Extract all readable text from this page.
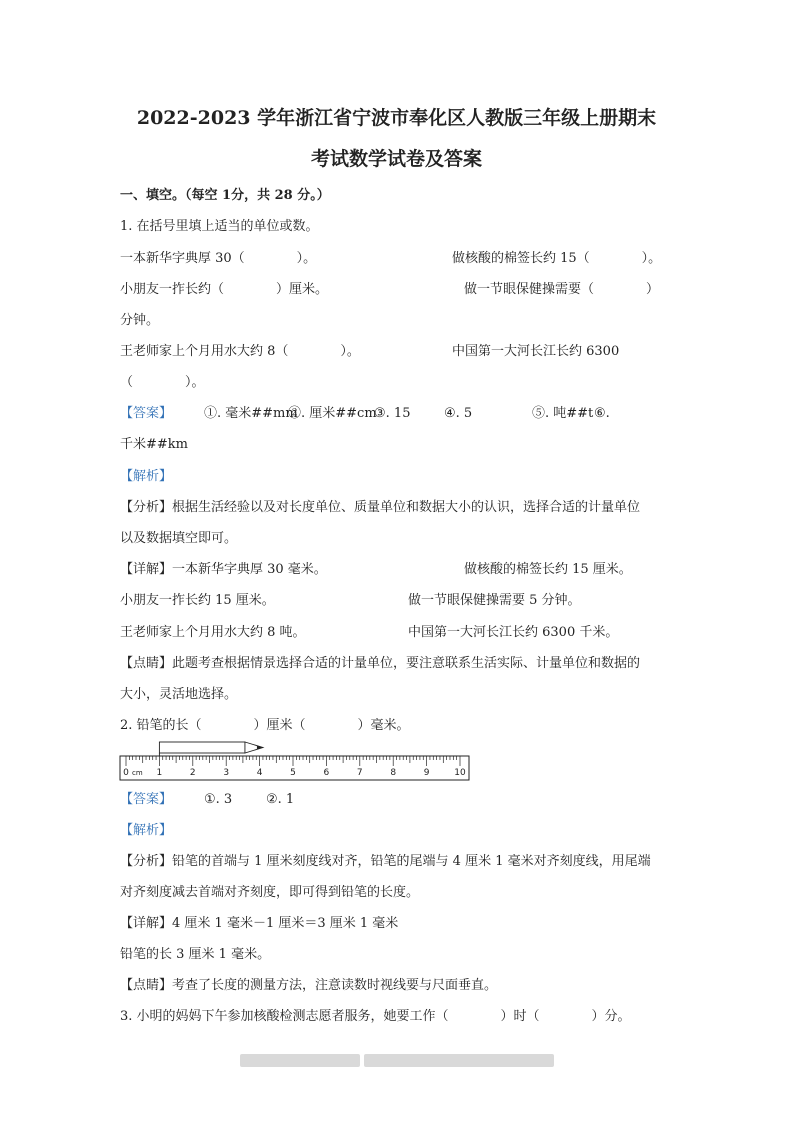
2022-2023 学年浙江省宁波市奉化区人教版三年级上册期末
考试数学试卷及答案
一、填空。（每空 1分，共 28 分。）
1. 在括号里填上适当的单位或数。
一本新华字典厚 30（　　　　）。	做核酸的棉签长约 15（　　　　）。
小朋友一拃长约（　　　　）厘米。	做一节眼保健操需要（　　　　）
分钟。
王老师家上个月用水大约 8（　　　　）。	中国第一大河长江长约 6300
（　　　　）。
【答案】 ①. 毫米##mm②. 厘米##cm③. 15	④. 5	⑤. 吨##t⑥.
千米##km
【解析】
【分析】根据生活经验以及对长度单位、质量单位和数据大小的认识，选择合适的计量单位
以及数据填空即可。
【详解】一本新华字典厚 30 毫米。	做核酸的棉签长约 15 厘米。
小朋友一拃长约 15 厘米。	做一节眼保健操需要 5 分钟。
王老师家上个月用水大约 8 吨。	中国第一大河长江长约 6300 千米。
【点睛】此题考查根据情景选择合适的计量单位，要注意联系生活实际、计量单位和数据的
大小，灵活地选择。
2. 铅笔的长（　　　　）厘米（　　　　）毫米。
0	1	2	3	4	5	6	7	8	9	10
cm
【答案】 ①. 3	②. 1
【解析】
【分析】铅笔的首端与 1 厘米刻度线对齐，铅笔的尾端与 4 厘米 1 毫米对齐刻度线，用尾端
对齐刻度减去首端对齐刻度，即可得到铅笔的长度。
【详解】4 厘米 1 毫米－1 厘米＝3 厘米 1 毫米
铅笔的长 3 厘米 1 毫米。
【点睛】考查了长度的测量方法，注意读数时视线要与尺面垂直。
3. 小明的妈妈下午参加核酸检测志愿者服务，她要工作（　　　　）时（　　　　）分。
